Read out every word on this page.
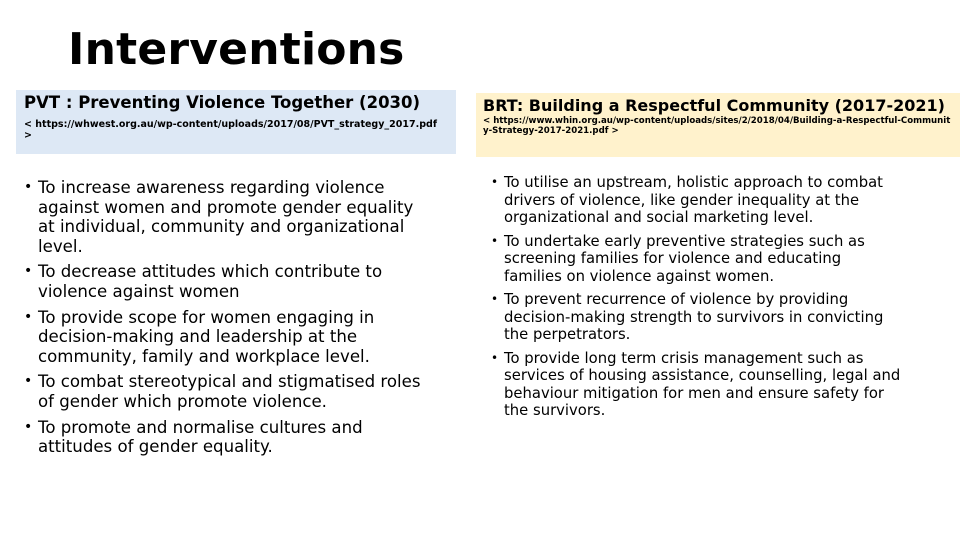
Interventions
PVT : Preventing Violence Together (2030)
< https://whwest.org.au/wp-content/uploads/2017/08/PVT_strategy_2017.pdf >
BRT: Building a Respectful Community (2017-2021)
< https://www.whin.org.au/wp-content/uploads/sites/2/2018/04/Building-a-Respectful-Community-Strategy-2017-2021.pdf >
• To increase awareness regarding violence against women and promote gender equality at individual, community and organizational level.
• To decrease attitudes which contribute to violence against women
• To provide scope for women engaging in decision-making and leadership at the community, family and workplace level.
• To combat stereotypical and stigmatised roles of gender which promote violence.
• To promote and normalise cultures and attitudes of gender equality.
• To utilise an upstream, holistic approach to combat drivers of violence, like gender inequality at the organizational and social marketing level.
• To undertake early preventive strategies such as screening families for violence and educating families on violence against women.
• To prevent recurrence of violence by providing decision-making strength to survivors in convicting the perpetrators.
• To provide long term crisis management such as services of housing assistance, counselling, legal and behaviour mitigation for men and ensure safety for the survivors.
